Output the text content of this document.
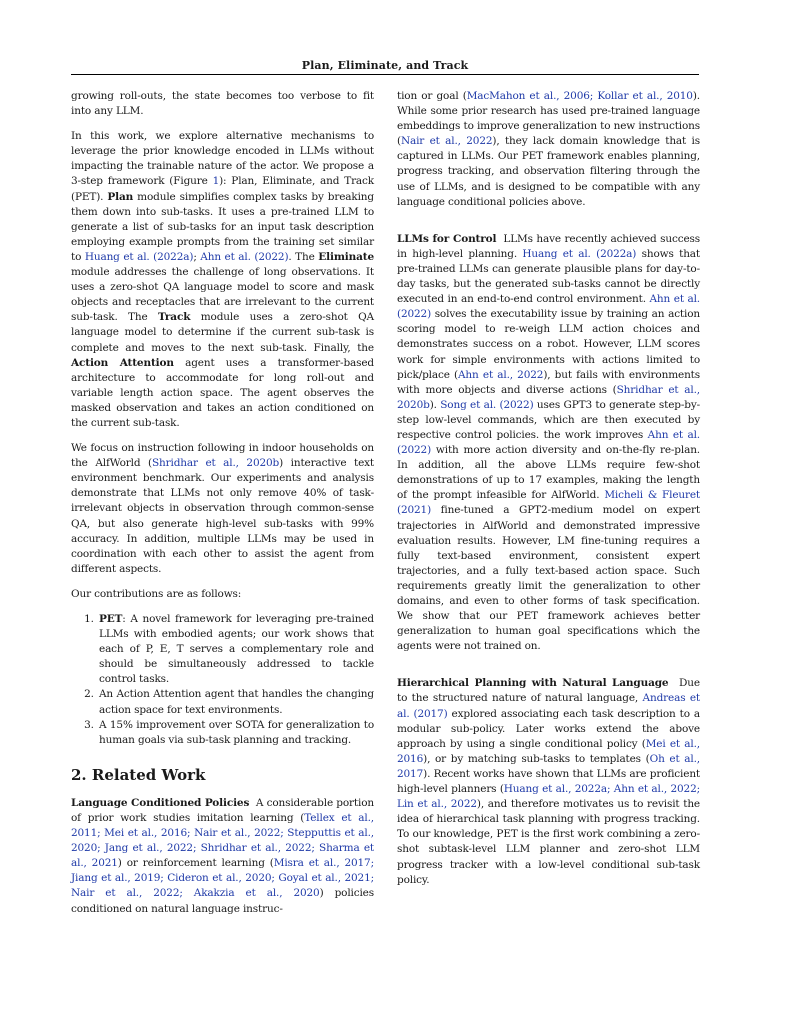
Plan, Eliminate, and Track

growing roll-outs, the state becomes too verbose to fit into any LLM.

In this work, we explore alternative mechanisms to leverage the prior knowledge encoded in LLMs without impacting the trainable nature of the actor. We propose a 3-step framework (Figure 1): Plan, Eliminate, and Track (PET). Plan module simplifies complex tasks by breaking them down into sub-tasks. It uses a pre-trained LLM to generate a list of sub-tasks for an input task description employing example prompts from the training set similar to Huang et al. (2022a); Ahn et al. (2022). The Eliminate module addresses the challenge of long observations. It uses a zero-shot QA language model to score and mask objects and receptacles that are irrelevant to the current sub-task. The Track module uses a zero-shot QA language model to determine if the current sub-task is complete and moves to the next sub-task. Finally, the Action Attention agent uses a transformer-based architecture to accommodate for long roll-out and variable length action space. The agent observes the masked observation and takes an action conditioned on the current sub-task.

We focus on instruction following in indoor households on the AlfWorld (Shridhar et al., 2020b) interactive text environment benchmark. Our experiments and analysis demonstrate that LLMs not only remove 40% of task-irrelevant objects in observation through common-sense QA, but also generate high-level sub-tasks with 99% accuracy. In addition, multiple LLMs may be used in coordination with each other to assist the agent from different aspects.

Our contributions are as follows:

1. PET: A novel framework for leveraging pre-trained LLMs with embodied agents; our work shows that each of P, E, T serves a complementary role and should be simultaneously addressed to tackle control tasks.
2. An Action Attention agent that handles the changing action space for text environments.
3. A 15% improvement over SOTA for generalization to human goals via sub-task planning and tracking.
2. Related Work

Language Conditioned Policies A considerable portion of prior work studies imitation learning (Tellex et al., 2011; Mei et al., 2016; Nair et al., 2022; Stepputtis et al., 2020; Jang et al., 2022; Shridhar et al., 2022; Sharma et al., 2021) or reinforcement learning (Misra et al., 2017; Jiang et al., 2019; Cideron et al., 2020; Goyal et al., 2021; Nair et al., 2022; Akakzia et al., 2020) policies conditioned on natural language instruc-

tion or goal (MacMahon et al., 2006; Kollar et al., 2010). While some prior research has used pre-trained language embeddings to improve generalization to new instructions (Nair et al., 2022), they lack domain knowledge that is captured in LLMs. Our PET framework enables planning, progress tracking, and observation filtering through the use of LLMs, and is designed to be compatible with any language conditional policies above.

LLMs for Control LLMs have recently achieved success in high-level planning. Huang et al. (2022a) shows that pre-trained LLMs can generate plausible plans for day-to-day tasks, but the generated sub-tasks cannot be directly executed in an end-to-end control environment. Ahn et al. (2022) solves the executability issue by training an action scoring model to re-weigh LLM action choices and demonstrates success on a robot. However, LLM scores work for simple environments with actions limited to pick/place (Ahn et al., 2022), but fails with environments with more objects and diverse actions (Shridhar et al., 2020b). Song et al. (2022) uses GPT3 to generate step-by-step low-level commands, which are then executed by respective control policies. the work improves Ahn et al. (2022) with more action diversity and on-the-fly re-plan. In addition, all the above LLMs require few-shot demonstrations of up to 17 examples, making the length of the prompt infeasible for AlfWorld. Micheli & Fleuret (2021) fine-tuned a GPT2-medium model on expert trajectories in AlfWorld and demonstrated impressive evaluation results. However, LM fine-tuning requires a fully text-based environment, consistent expert trajectories, and a fully text-based action space. Such requirements greatly limit the generalization to other domains, and even to other forms of task specification. We show that our PET framework achieves better generalization to human goal specifications which the agents were not trained on.

Hierarchical Planning with Natural Language Due to the structured nature of natural language, Andreas et al. (2017) explored associating each task description to a modular sub-policy. Later works extend the above approach by using a single conditional policy (Mei et al., 2016), or by matching sub-tasks to templates (Oh et al., 2017). Recent works have shown that LLMs are proficient high-level planners (Huang et al., 2022a; Ahn et al., 2022; Lin et al., 2022), and therefore motivates us to revisit the idea of hierarchical task planning with progress tracking. To our knowledge, PET is the first work combining a zero-shot subtask-level LLM planner and zero-shot LLM progress tracker with a low-level conditional sub-task policy.
